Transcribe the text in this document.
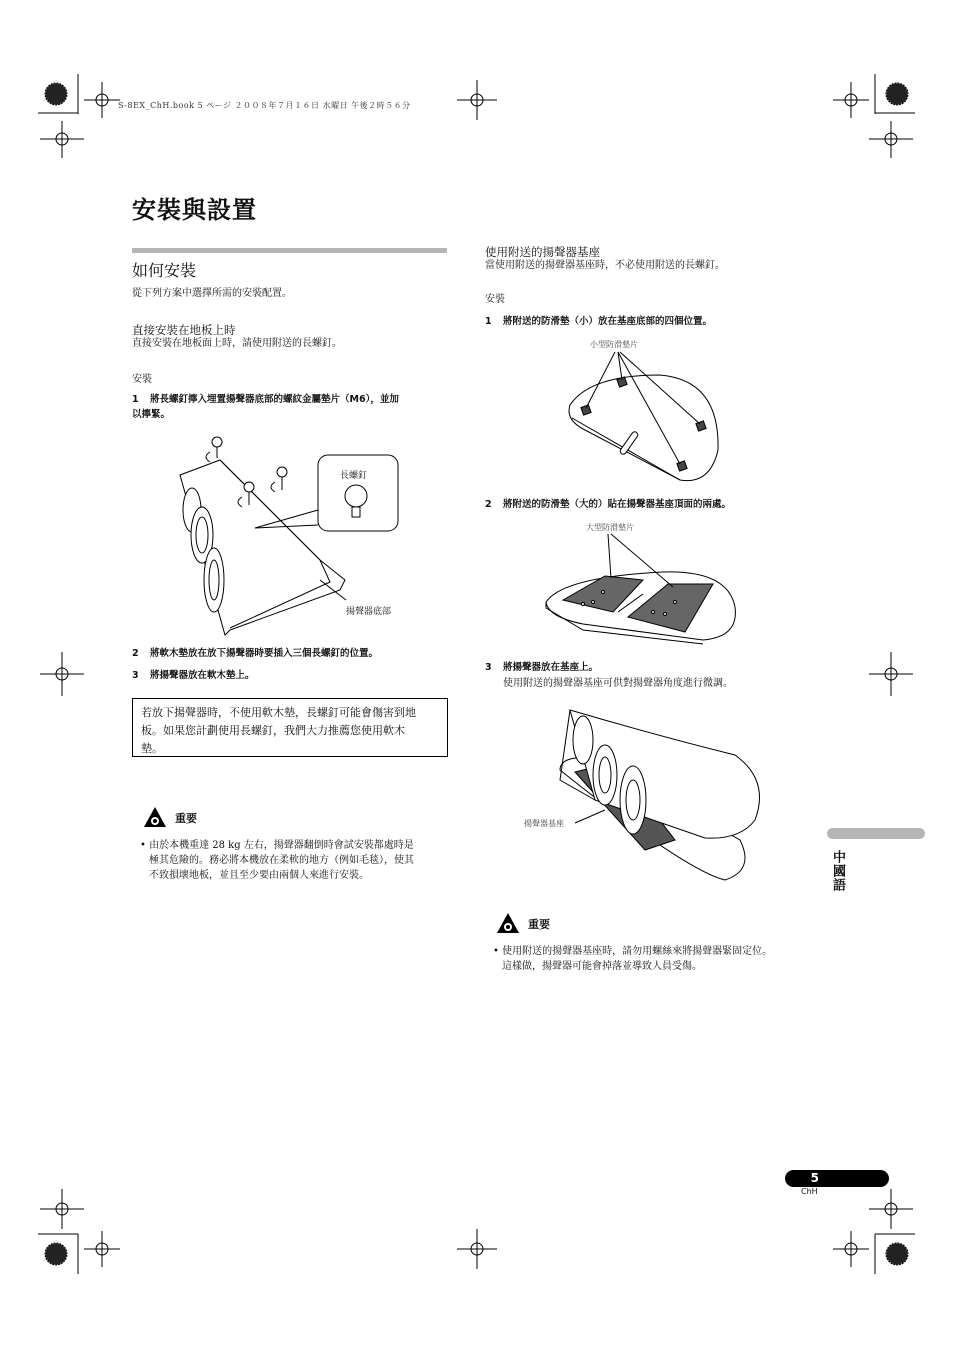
S-8EX_ChH.book 5 ページ ２００８年７月１６日 水曜日 午後２時５６分
安裝與設置
如何安裝
從下列方案中選擇所需的安裝配置。
直接安裝在地板上時
直接安裝在地板面上時，請使用附送的長螺釘。
安裝
1 將長螺釘擰入埋置揚聲器底部的螺紋金屬墊片（M6），並加
以擰緊。
長螺釘
揚聲器底部
2 將軟木墊放在放下揚聲器時要插入三個長螺釘的位置。
3 將揚聲器放在軟木墊上。
若放下揚聲器時，不使用軟木墊，長螺釘可能會傷害到地
板。如果您計劃使用長螺釘，我們大力推薦您使用軟木
墊。
重要
• 由於本機重達 28 kg 左右，揚聲器翻倒時會試安裝都處時是
極其危險的。務必將本機放在柔軟的地方（例如毛毯），使其
不致損壞地板，並且至少要由兩個人來進行安裝。
使用附送的揚聲器基座
當使用附送的揚聲器基座時，不必使用附送的長螺釘。
安裝
1 將附送的防滑墊（小）放在基座底部的四個位置。
小型防滑墊片
2 將附送的防滑墊（大的）貼在揚聲器基座頂面的兩處。
大型防滑墊片
3 將揚聲器放在基座上。
使用附送的揚聲器基座可供對揚聲器角度進行微調。
揚聲器基座
重要
• 使用附送的揚聲器基座時，請勿用螺絲來將揚聲器緊固定位。
這樣做，揚聲器可能會掉落並導致人員受傷。
中國語
5
ChH
